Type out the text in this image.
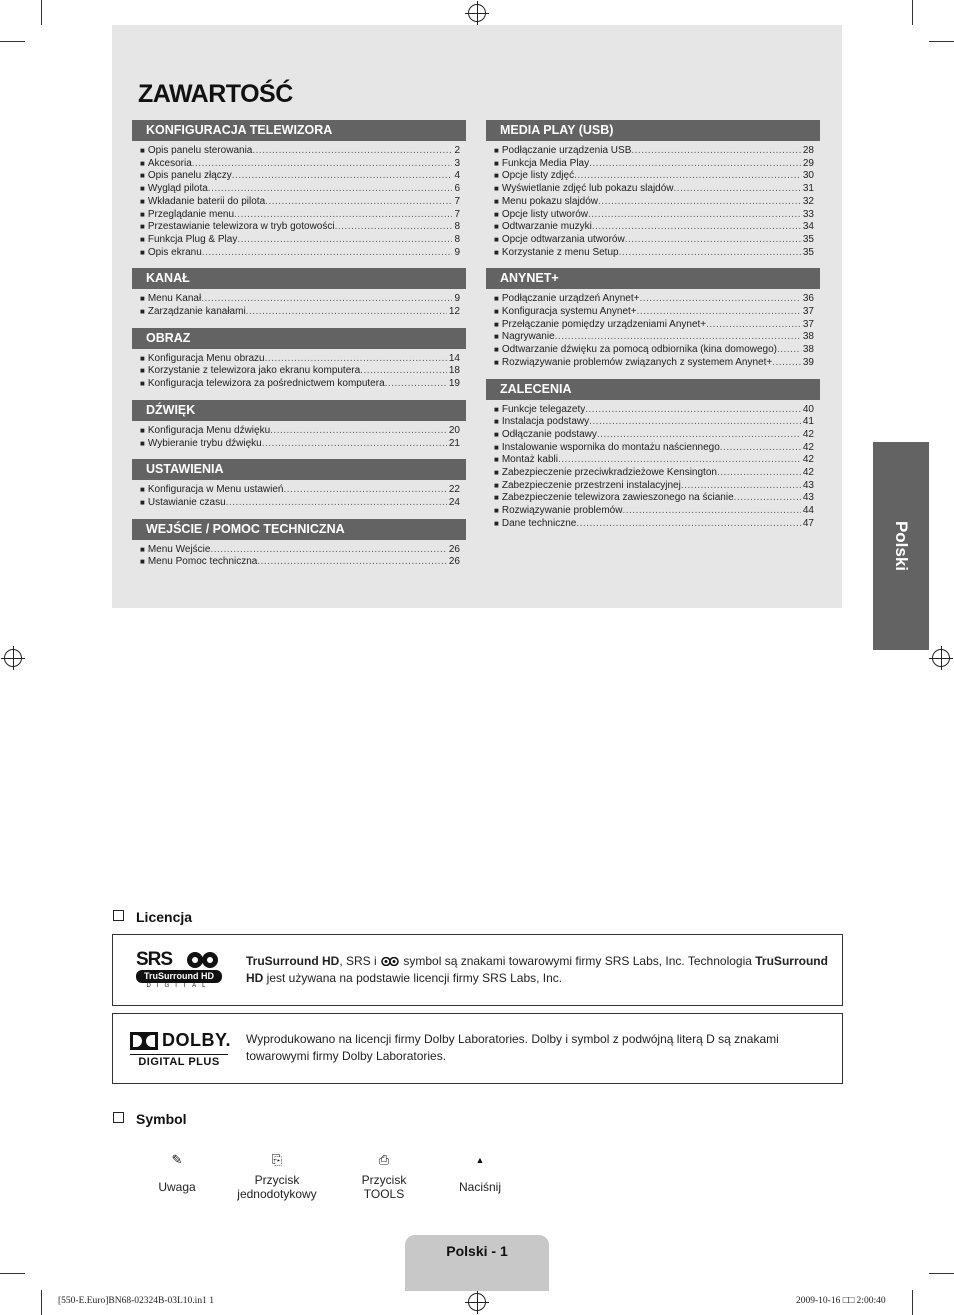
ZAWARTOŚĆ
KONFIGURACJA TELEWIZORA
■ Opis panelu sterowania .....	2
■ Akcesoria .....	3
■ Opis panelu złączy .....	4
■ Wygląd pilota .....	6
■ Wkładanie baterii do pilota .....	7
■ Przeglądanie menu .....	7
■ Przestawianie telewizora w tryb gotowości .....	8
■ Funkcja Plug & Play .....	8
■ Opis ekranu .....	9
KANAŁ
■ Menu Kanał .....	9
■ Zarządzanie kanałami .....	12
OBRAZ
■ Konfiguracja Menu obrazu .....	14
■ Korzystanie z telewizora jako ekranu komputera .....	18
■ Konfiguracja telewizora za pośrednictwem komputera .....	19
DŹWIĘK
■ Konfiguracja Menu dźwięku .....	20
■ Wybieranie trybu dźwięku .....	21
USTAWIENIA
■ Konfiguracja w Menu ustawień .....	22
■ Ustawianie czasu .....	24
WEJŚCIE / POMOC TECHNICZNA
■ Menu Wejście .....	26
■ Menu Pomoc techniczna .....	26
MEDIA PLAY (USB)
■ Podłączanie urządzenia USB .....	28
■ Funkcja Media Play .....	29
■ Opcje listy zdjęć .....	30
■ Wyświetlanie zdjęć lub pokazu slajdów .....	31
■ Menu pokazu slajdów .....	32
■ Opcje listy utworów .....	33
■ Odtwarzanie muzyki .....	34
■ Opcje odtwarzania utworów .....	35
■ Korzystanie z menu Setup .....	35
ANYNET+
■ Podłączanie urządzeń Anynet+ .....	36
■ Konfiguracja systemu Anynet+ .....	37
■ Przełączanie pomiędzy urządzeniami Anynet+ .....	37
■ Nagrywanie .....	38
■ Odtwarzanie dźwięku za pomocą odbiornika (kina domowego) .....	38
■ Rozwiązywanie problemów związanych z systemem Anynet+ .....	39
ZALECENIA
■ Funkcje telegazety .....	40
■ Instalacja podstawy .....	41
■ Odłączanie podstawy .....	42
■ Instalowanie wspornika do montażu naściennego .....	42
■ Montaż kabli .....	42
■ Zabezpieczenie przeciwkradzieżowe Kensington .....	42
■ Zabezpieczenie przestrzeni instalacyjnej .....	43
■ Zabezpieczenie telewizora zawieszonego na ścianie .....	43
■ Rozwiązywanie problemów .....	44
■ Dane techniczne .....	47	Polski
Licencja
SRS
TruSurround HD
DIGITAL
TruSurround HD, SRS i  symbol są znakami towarowymi firmy SRS Labs, Inc. Technologia TruSurround HD jest używana na podstawie licencji firmy SRS Labs, Inc.
DOLBY.
DIGITAL PLUS
Wyprodukowano na licencji firmy Dolby Laboratories. Dolby i symbol z podwójną literą D są znakami towarowymi firmy Dolby Laboratories.
Symbol
✎
Uwaga
⎘
Przycisk
jednodotykowy
⎙
Przycisk
TOOLS
▲
Naciśnij
Polski - 1
[550-E.Euro]BN68-02324B-03L10.in1 1	2009-10-16 □□ 2:00:40
